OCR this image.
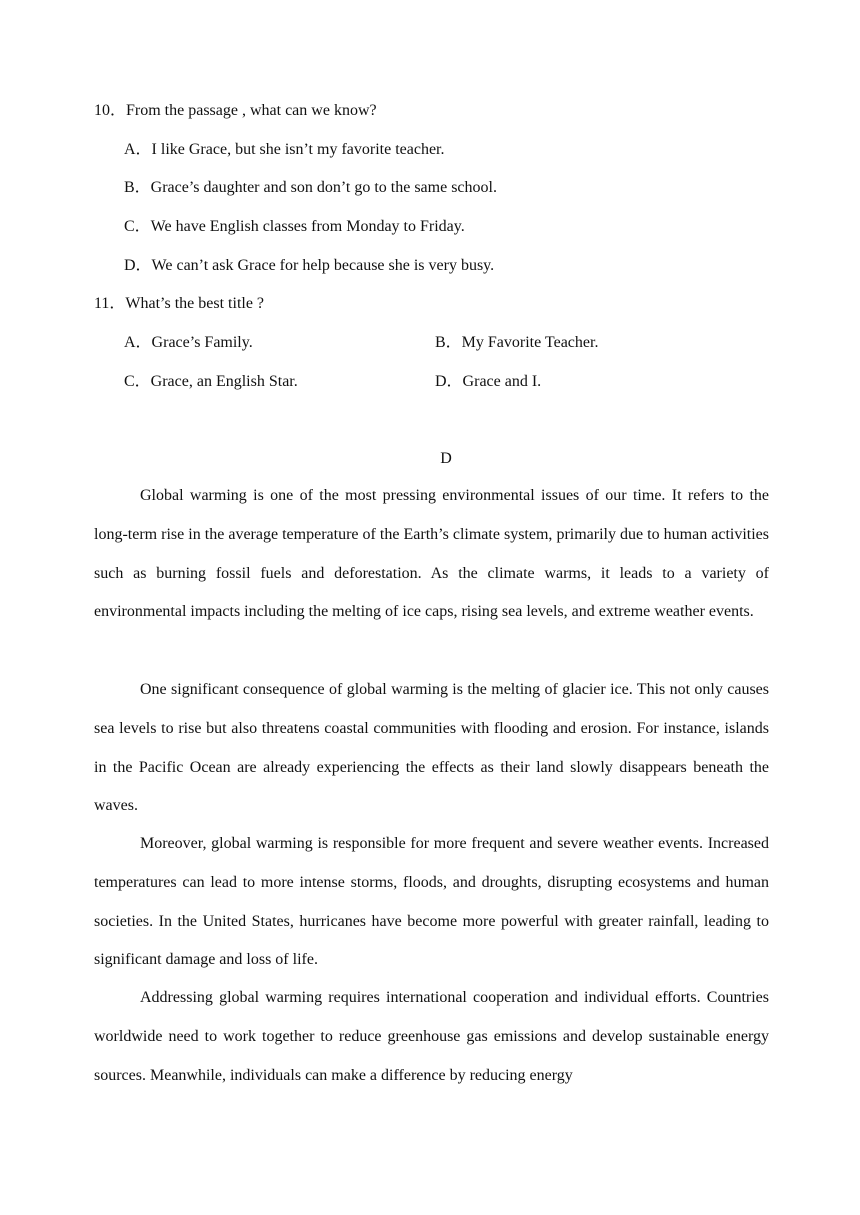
10．From the passage , what can we know?
A．I like Grace, but she isn’t my favorite teacher.
B．Grace’s daughter and son don’t go to the same school.
C．We have English classes from Monday to Friday.
D．We can’t ask Grace for help because she is very busy.
11．What’s the best title ?
A．Grace’s Family.	B．My Favorite Teacher.
C．Grace, an English Star.	D．Grace and I.
D

Global warming is one of the most pressing environmental issues of our time. It refers to the long-term rise in the average temperature of the Earth’s climate system, primarily due to human activities such as burning fossil fuels and deforestation. As the climate warms, it leads to a variety of environmental impacts including the melting of ice caps, rising sea levels, and extreme weather events.

One significant consequence of global warming is the melting of glacier ice. This not only causes sea levels to rise but also threatens coastal communities with flooding and erosion. For instance, islands in the Pacific Ocean are already experiencing the effects as their land slowly disappears beneath the waves.

Moreover, global warming is responsible for more frequent and severe weather events. Increased temperatures can lead to more intense storms, floods, and droughts, disrupting ecosystems and human societies. In the United States, hurricanes have become more powerful with greater rainfall, leading to significant damage and loss of life.

Addressing global warming requires international cooperation and individual efforts. Countries worldwide need to work together to reduce greenhouse gas emissions and develop sustainable energy sources. Meanwhile, individuals can make a difference by reducing energy
